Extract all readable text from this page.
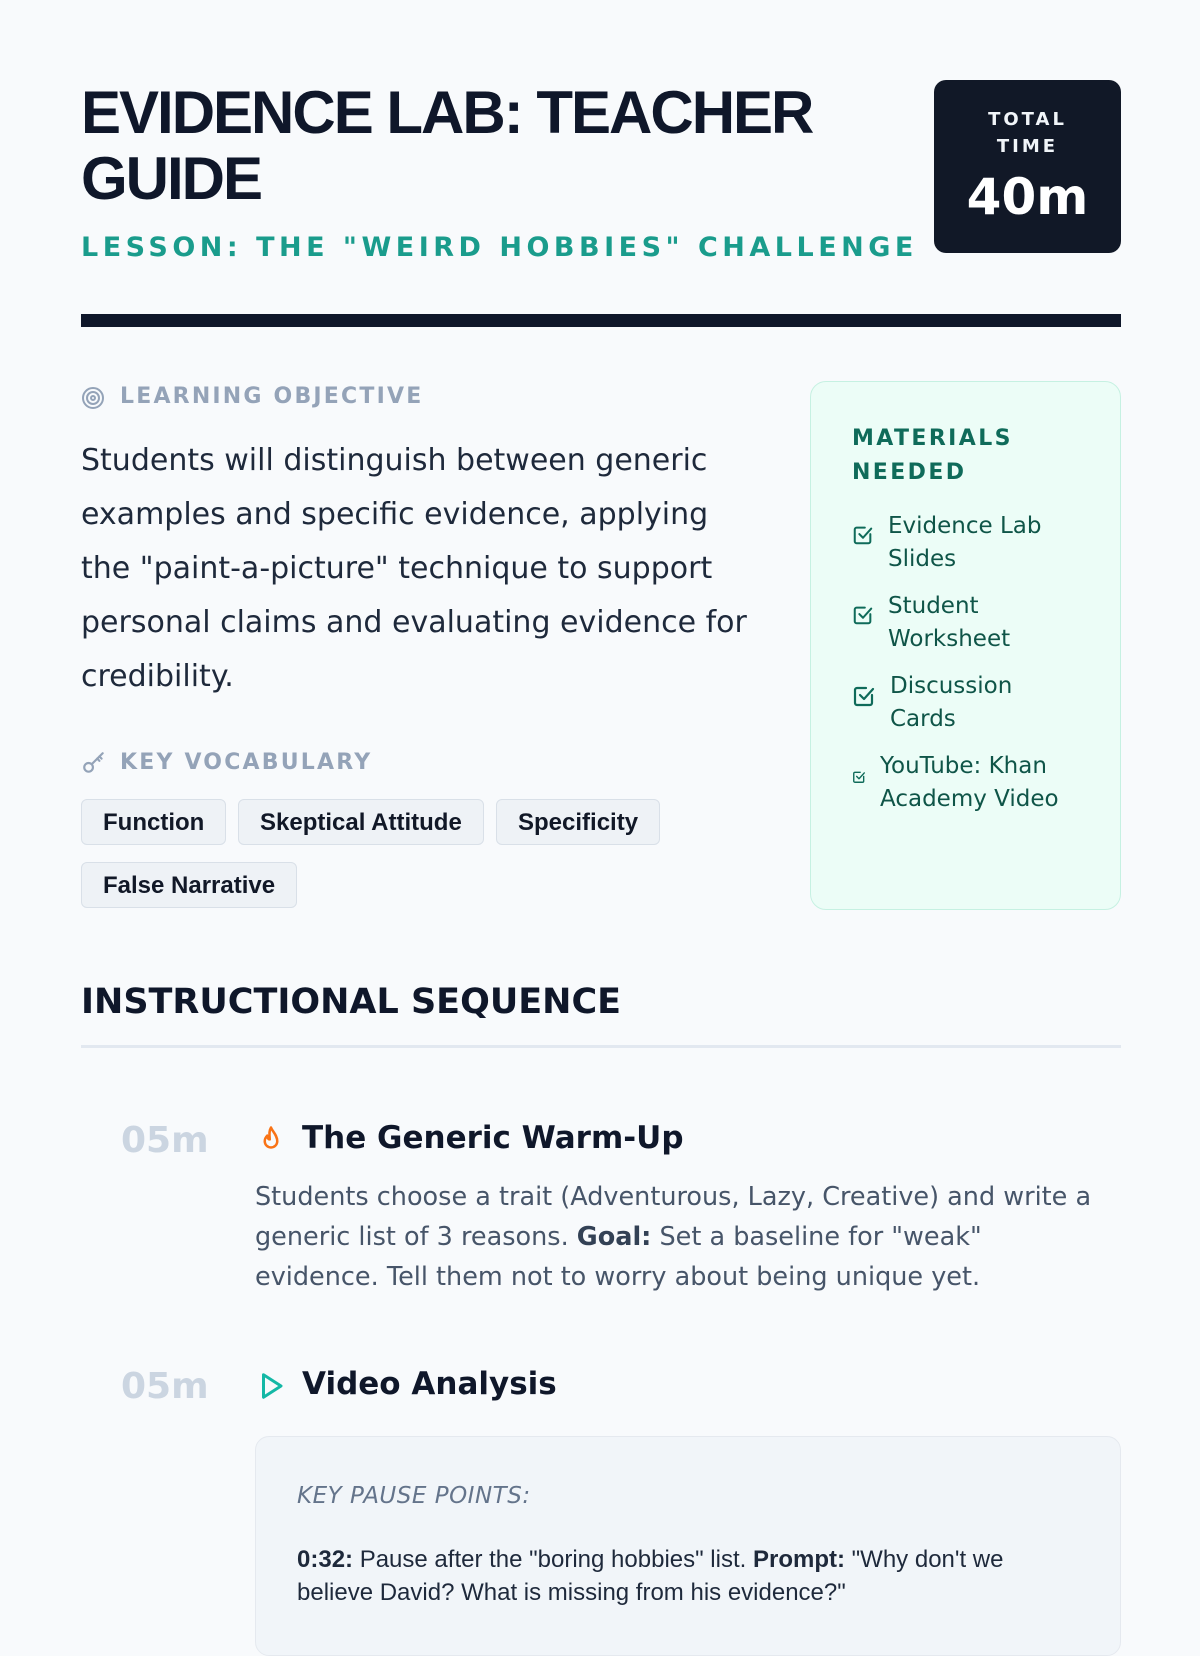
EVIDENCE LAB: TEACHER GUIDE

LESSON: THE "WEIRD HOBBIES" CHALLENGE

TOTAL TIME
40m
LEARNING OBJECTIVE
Students will distinguish between generic examples and specific evidence, applying the "paint-a-picture" technique to support personal claims and evaluating evidence for credibility.
KEY VOCABULARY
Function	Skeptical Attitude	Specificity
False Narrative
MATERIALS NEEDED
Evidence Lab Slides
Student Worksheet
Discussion Cards
YouTube: Khan Academy Video
INSTRUCTIONAL SEQUENCE
05m	The Generic Warm-Up
Students choose a trait (Adventurous, Lazy, Creative) and write a generic list of 3 reasons. Goal: Set a baseline for "weak" evidence. Tell them not to worry about being unique yet.
05m	Video Analysis
KEY PAUSE POINTS:
0:32: Pause after the "boring hobbies" list. Prompt: "Why don't we believe David? What is missing from his evidence?"
